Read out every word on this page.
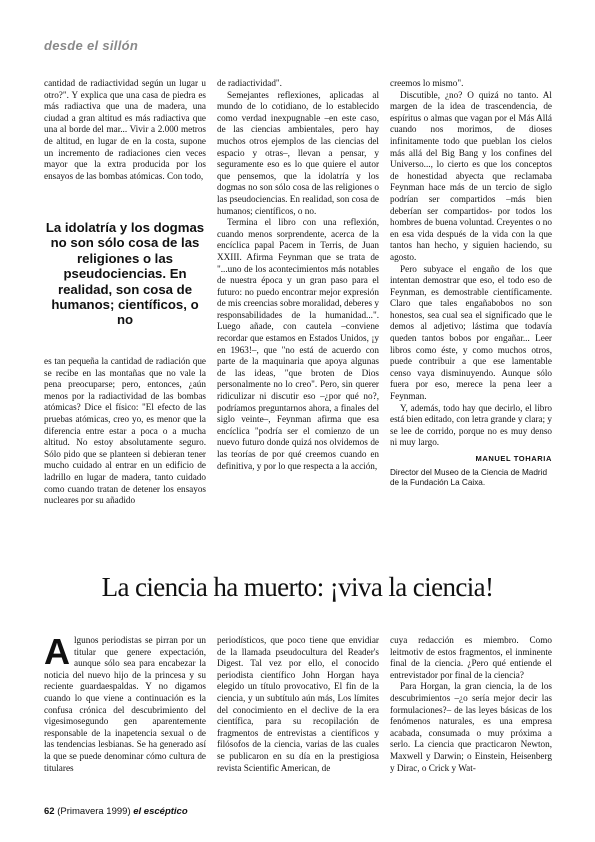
desde el sillón

cantidad de radiactividad según un lugar u otro?". Y explica que una casa de piedra es más radiactiva que una de madera, una ciudad a gran altitud es más radiactiva que una al borde del mar... Vivir a 2.000 metros de altitud, en lugar de en la costa, supone un incremento de radiaciones cien veces mayor que la extra producida por los ensayos de las bombas atómicas. Con todo,

La idolatría y los dogmas no son sólo cosa de las religiones o las pseudociencias. En realidad, son cosa de humanos; científicos, o no

es tan pequeña la cantidad de radiación que se recibe en las montañas que no vale la pena preocuparse; pero, entonces, ¿aún menos por la radiactividad de las bombas atómicas? Dice el físico: "El efecto de las pruebas atómicas, creo yo, es menor que la diferencia entre estar a poca o a mucha altitud. No estoy absolutamente seguro. Sólo pido que se planteen si debieran tener mucho cuidado al entrar en un edificio de ladrillo en lugar de madera, tanto cuidado como cuando tratan de detener los ensayos nucleares por su añadido

de radiactividad".

Semejantes reflexiones, aplicadas al mundo de lo cotidiano, de lo establecido como verdad inexpugnable –en este caso, de las ciencias ambientales, pero hay muchos otros ejemplos de las ciencias del espacio y otras–, llevan a pensar, y seguramente eso es lo que quiere el autor que pensemos, que la idolatría y los dogmas no son sólo cosa de las religiones o las pseudociencias. En realidad, son cosa de humanos; científicos, o no.

Termina el libro con una reflexión, cuando menos sorprendente, acerca de la encíclica papal Pacem in Terris, de Juan XXIII. Afirma Feynman que se trata de "...uno de los acontecimientos más notables de nuestra época y un gran paso para el futuro: no puedo encontrar mejor expresión de mis creencias sobre moralidad, deberes y responsabilidades de la humanidad...". Luego añade, con cautela –conviene recordar que estamos en Estados Unidos, ¡y en 1963!–, que "no está de acuerdo con parte de la maquinaria que apoya algunas de las ideas, "que broten de Dios personalmente no lo creo". Pero, sin querer ridiculizar ni discutir eso –¿por qué no?, podríamos preguntarnos ahora, a finales del siglo veinte–, Feynman afirma que esa encíclica "podría ser el comienzo de un nuevo futuro donde quizá nos olvidemos de las teorías de por qué creemos cuando en definitiva, y por lo que respecta a la acción,

creemos lo mismo".

Discutible, ¿no? O quizá no tanto. Al margen de la idea de trascendencia, de espíritus o almas que vagan por el Más Allá cuando nos morimos, de dioses infinitamente todo que pueblan los cielos más allá del Big Bang y los confines del Universo..., lo cierto es que los conceptos de honestidad abyecta que reclamaba Feynman hace más de un tercio de siglo podrían ser compartidos –más bien deberían ser compartidos- por todos los hombres de buena voluntad. Creyentes o no en esa vida después de la vida con la que tantos han hecho, y siguien haciendo, su agosto.

Pero subyace el engaño de los que intentan demostrar que eso, el todo eso de Feynman, es demostrable científicamente. Claro que tales engañabobos no son honestos, sea cual sea el significado que le demos al adjetivo; lástima que todavía queden tantos bobos por engañar... Leer libros como éste, y como muchos otros, puede contribuir a que ese lamentable censo vaya disminuyendo. Aunque sólo fuera por eso, merece la pena leer a Feynman.

Y, además, todo hay que decirlo, el libro está bien editado, con letra grande y clara; y se lee de corrido, porque no es muy denso ni muy largo.

MANUEL TOHARIA
Director del Museo de la Ciencia de Madrid de la Fundación La Caixa.
La ciencia ha muerto: ¡viva la ciencia!
A lgunos periodistas se pirran por un titular que genere expectación, aunque sólo sea para encabezar la noticia del nuevo hijo de la princesa y su reciente guardaespaldas. Y no digamos cuando lo que viene a continuación es la confusa crónica del descubrimiento del vigesimosegundo gen aparentemente responsable de la inapetencia sexual o de las tendencias lesbianas. Se ha generado así la que se puede denominar cómo cultura de titulares

periodísticos, que poco tiene que envidiar de la llamada pseudocultura del Reader's Digest. Tal vez por ello, el conocido periodista científico John Horgan haya elegido un título provocativo, El fin de la ciencia, y un subtítulo aún más, Los límites del conocimiento en el declive de la era científica, para su recopilación de fragmentos de entrevistas a científicos y filósofos de la ciencia, varias de las cuales se publicaron en su día en la prestigiosa revista Scientific American, de

cuya redacción es miembro. Como leitmotiv de estos fragmentos, el inminente final de la ciencia. ¿Pero qué entiende el entrevistador por final de la ciencia?

Para Horgan, la gran ciencia, la de los descubrimientos –¿o sería mejor decir las formulaciones?– de las leyes básicas de los fenómenos naturales, es una empresa acabada, consumada o muy próxima a serlo. La ciencia que practicaron Newton, Maxwell y Darwin; o Einstein, Heisenberg y Dirac, o Crick y Wat-

62 (Primavera 1999) el escéptico
